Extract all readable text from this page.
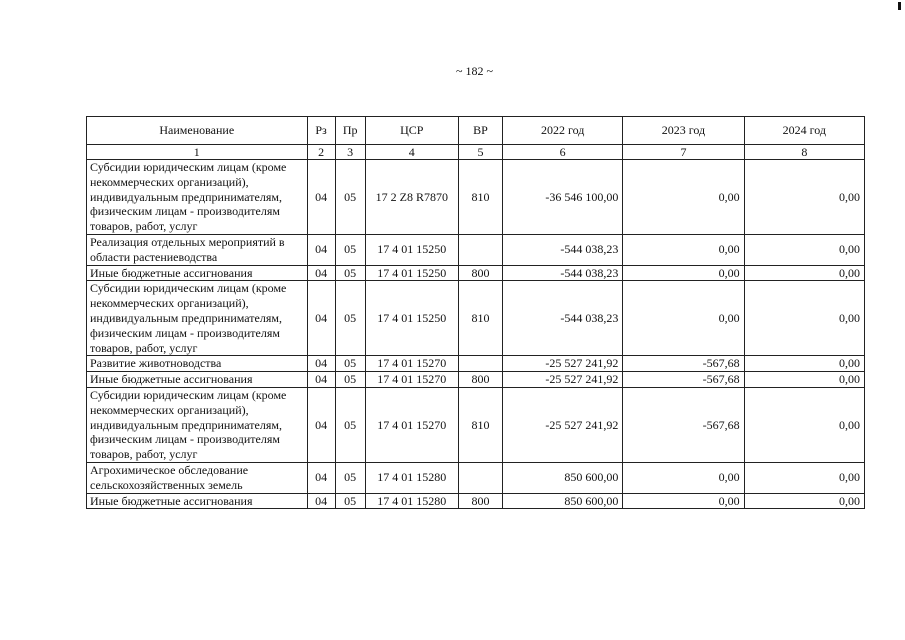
~ 182 ~
Наименование	Рз	Пр	ЦСР	ВР	2022 год	2023 год	2024 год
1	2	3	4	5	6	7	8
Субсидии юридическим лицам (кроме некоммерческих организаций), индивидуальным предпринимателям, физическим лицам - производителям товаров, работ, услуг	04	05	17 2 Z8 R7870	810	-36 546 100,00	0,00	0,00
Реализация отдельных мероприятий в области растениеводства	04	05	17 4 01 15250		-544 038,23	0,00	0,00
Иные бюджетные ассигнования	04	05	17 4 01 15250	800	-544 038,23	0,00	0,00
Субсидии юридическим лицам (кроме некоммерческих организаций), индивидуальным предпринимателям, физическим лицам - производителям товаров, работ, услуг	04	05	17 4 01 15250	810	-544 038,23	0,00	0,00
Развитие животноводства	04	05	17 4 01 15270		-25 527 241,92	-567,68	0,00
Иные бюджетные ассигнования	04	05	17 4 01 15270	800	-25 527 241,92	-567,68	0,00
Субсидии юридическим лицам (кроме некоммерческих организаций), индивидуальным предпринимателям, физическим лицам - производителям товаров, работ, услуг	04	05	17 4 01 15270	810	-25 527 241,92	-567,68	0,00
Агрохимическое обследование сельскохозяйственных земель	04	05	17 4 01 15280		850 600,00	0,00	0,00
Иные бюджетные ассигнования	04	05	17 4 01 15280	800	850 600,00	0,00	0,00
